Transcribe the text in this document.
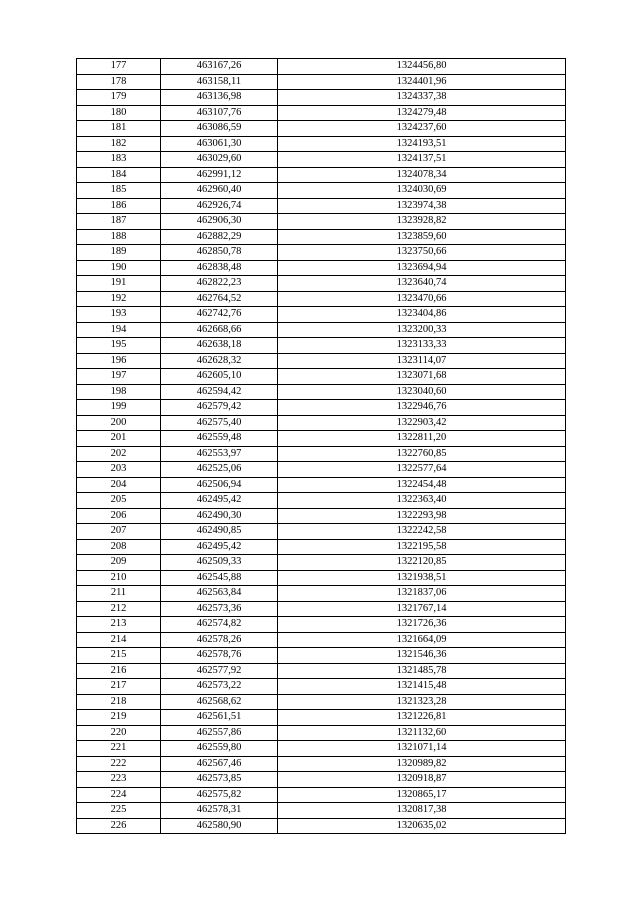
177	463167,26	1324456,80
178	463158,11	1324401,96
179	463136,98	1324337,38
180	463107,76	1324279,48
181	463086,59	1324237,60
182	463061,30	1324193,51
183	463029,60	1324137,51
184	462991,12	1324078,34
185	462960,40	1324030,69
186	462926,74	1323974,38
187	462906,30	1323928,82
188	462882,29	1323859,60
189	462850,78	1323750,66
190	462838,48	1323694,94
191	462822,23	1323640,74
192	462764,52	1323470,66
193	462742,76	1323404,86
194	462668,66	1323200,33
195	462638,18	1323133,33
196	462628,32	1323114,07
197	462605,10	1323071,68
198	462594,42	1323040,60
199	462579,42	1322946,76
200	462575,40	1322903,42
201	462559,48	1322811,20
202	462553,97	1322760,85
203	462525,06	1322577,64
204	462506,94	1322454,48
205	462495,42	1322363,40
206	462490,30	1322293,98
207	462490,85	1322242,58
208	462495,42	1322195,58
209	462509,33	1322120,85
210	462545,88	1321938,51
211	462563,84	1321837,06
212	462573,36	1321767,14
213	462574,82	1321726,36
214	462578,26	1321664,09
215	462578,76	1321546,36
216	462577,92	1321485,78
217	462573,22	1321415,48
218	462568,62	1321323,28
219	462561,51	1321226,81
220	462557,86	1321132,60
221	462559,80	1321071,14
222	462567,46	1320989,82
223	462573,85	1320918,87
224	462575,82	1320865,17
225	462578,31	1320817,38
226	462580,90	1320635,02
